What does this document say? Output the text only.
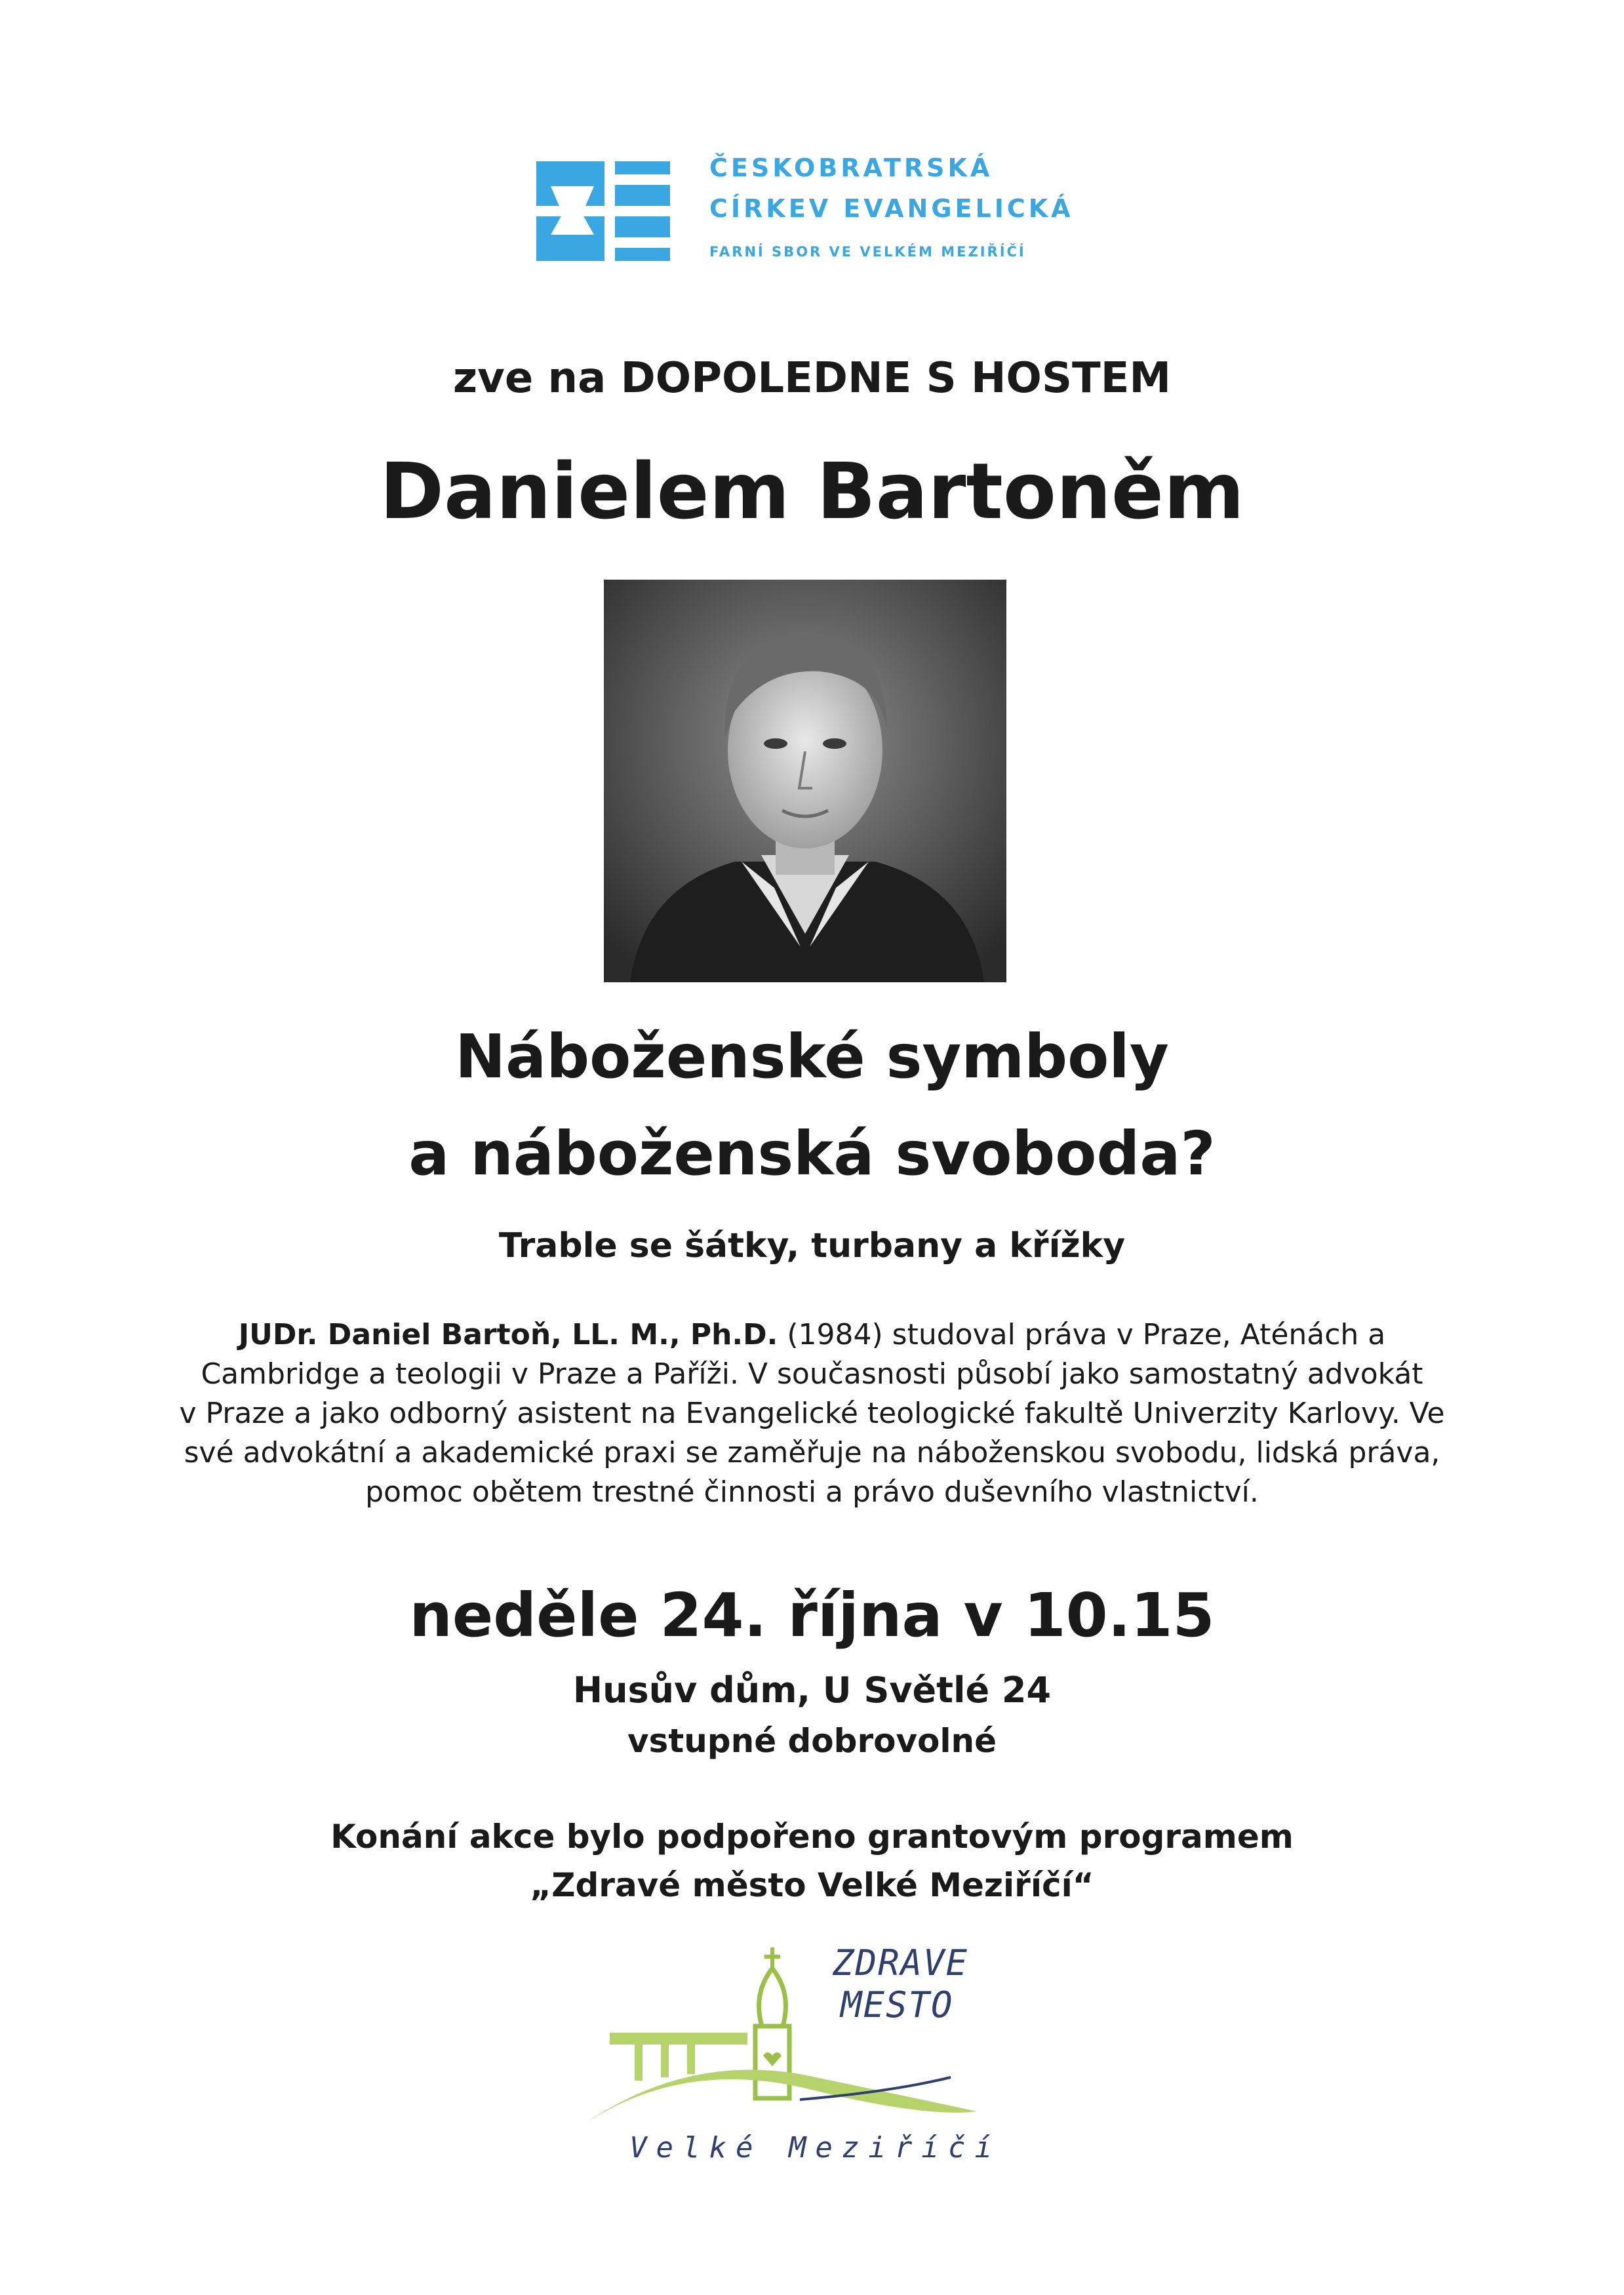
ČESKOBRATRSKÁ
CÍRKEV EVANGELICKÁ
FARNÍ SBOR VE VELKÉM MEZIŘÍČÍ
zve na DOPOLEDNE S HOSTEM
Danielem Bartoněm
Náboženské symboly
a náboženská svoboda?
Trable se šátky, turbany a křížky
JUDr. Daniel Bartoň, LL. M., Ph.D. (1984) studoval práva v Praze, Aténách a
Cambridge a teologii v Praze a Paříži. V současnosti působí jako samostatný advokát
v Praze a jako odborný asistent na Evangelické teologické fakultě Univerzity Karlovy. Ve
své advokátní a akademické praxi se zaměřuje na náboženskou svobodu, lidská práva,
pomoc obětem trestné činnosti a právo duševního vlastnictví.
neděle 24. října v 10.15
Husův dům, U Světlé 24
vstupné dobrovolné
Konání akce bylo podpořeno grantovým programem
„Zdravé město Velké Meziříčí“
ZDRAVE
MESTO
Velké Meziříčí
